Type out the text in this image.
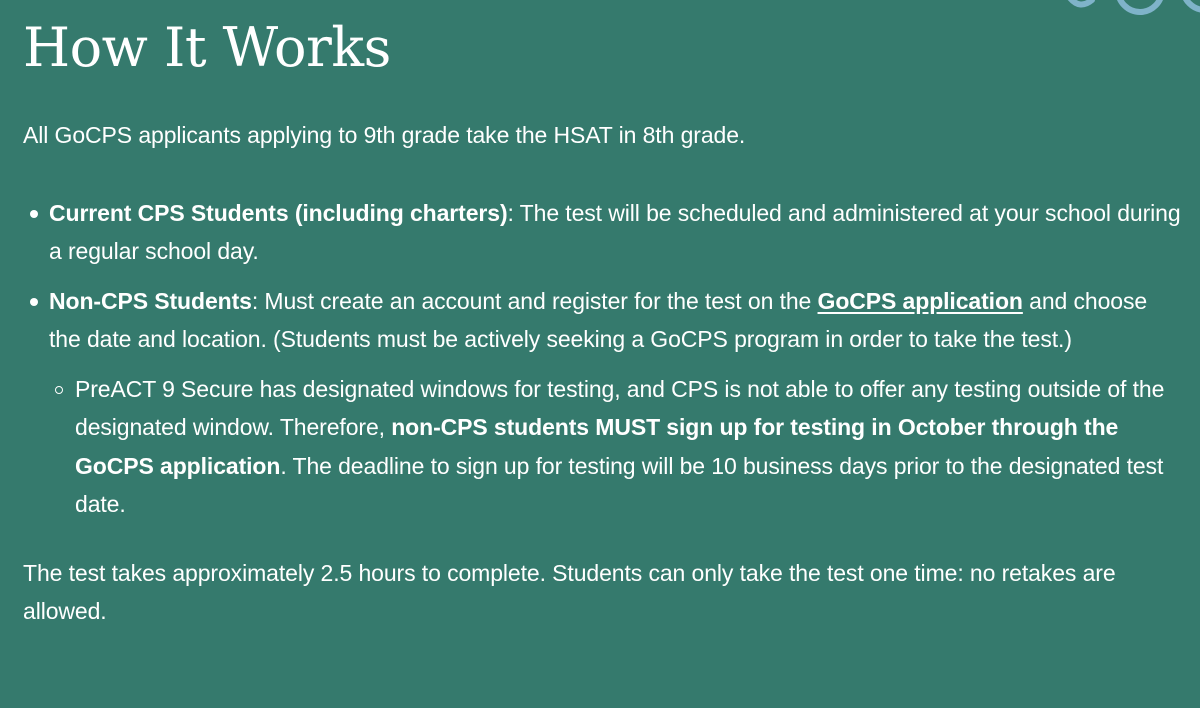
How It Works

All GoCPS applicants applying to 9th grade take the HSAT in 8th grade.

Current CPS Students (including charters): The test will be scheduled and administered at your school during a regular school day.
Non-CPS Students: Must create an account and register for the test on the GoCPS application and choose the date and location. (Students must be actively seeking a GoCPS program in order to take the test.)
PreACT 9 Secure has designated windows for testing, and CPS is not able to offer any testing outside of the designated window. Therefore, non-CPS students MUST sign up for testing in October through the GoCPS application. The deadline to sign up for testing will be 10 business days prior to the designated test date.

The test takes approximately 2.5 hours to complete. Students can only take the test one time: no retakes are allowed.
